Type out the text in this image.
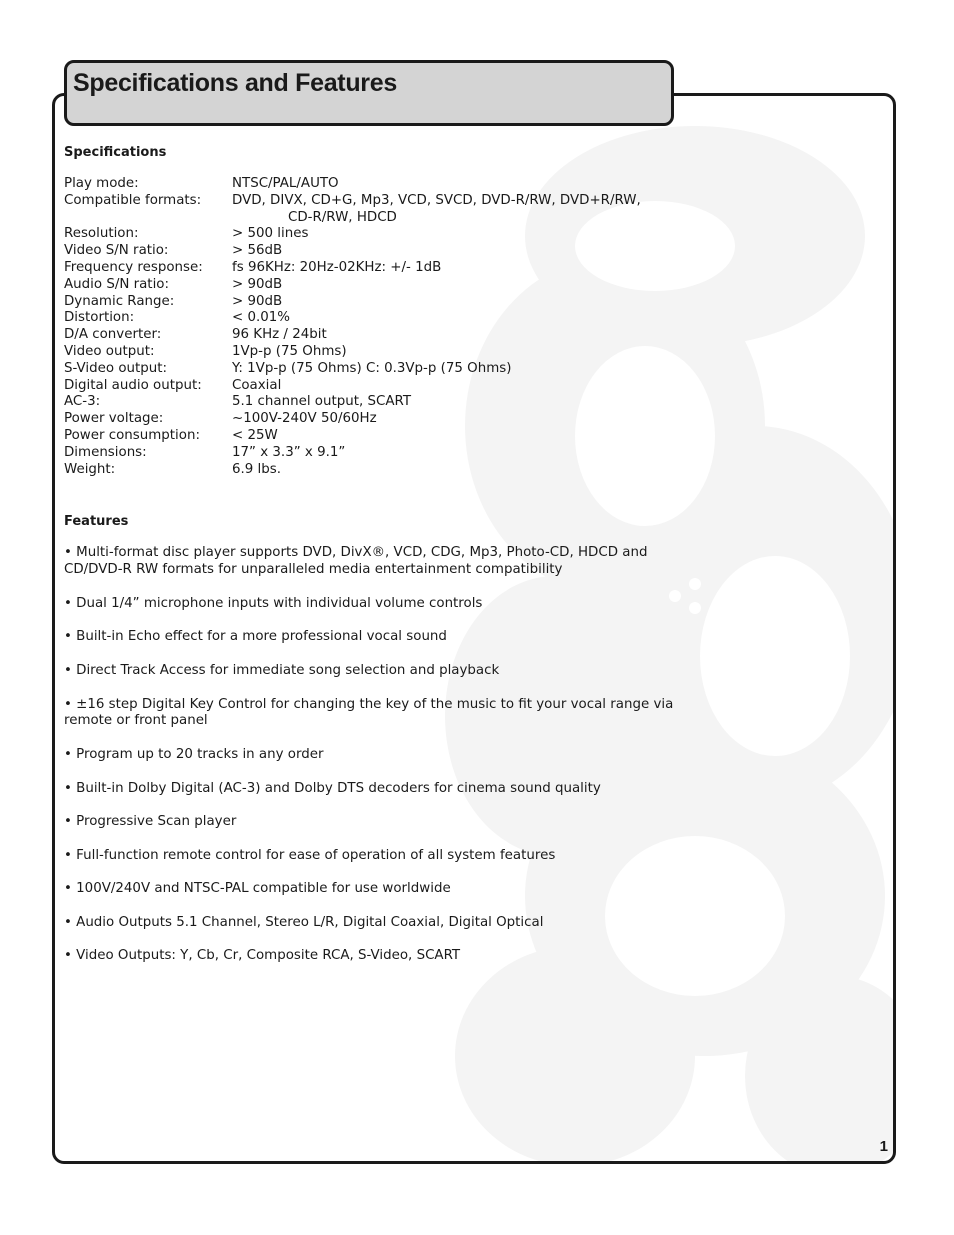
Specifications and Features

Specifications

Play mode:	NTSC/PAL/AUTO
Compatible formats:	DVD, DIVX, CD+G, Mp3, VCD, SVCD, DVD-R/RW, DVD+R/RW,
CD-R/RW, HDCD
Resolution:	> 500 lines
Video S/N ratio:	> 56dB
Frequency response:	fs 96KHz: 20Hz-02KHz: +/- 1dB
Audio S/N ratio:	> 90dB
Dynamic Range:	> 90dB
Distortion:	< 0.01%
D/A converter:	96 KHz / 24bit
Video output:	1Vp-p (75 Ohms)
S-Video output:	Y: 1Vp-p (75 Ohms) C: 0.3Vp-p (75 Ohms)
Digital audio output:	Coaxial
AC-3:	5.1 channel output, SCART
Power voltage:	~100V-240V 50/60Hz
Power consumption:	< 25W
Dimensions:	17” x 3.3” x 9.1”
Weight:	6.9 lbs.

Features

• Multi-format disc player supports DVD, DivX®, VCD, CDG, Mp3, Photo-CD, HDCD and CD/DVD-R RW formats for unparalleled media entertainment compatibility
• Dual 1/4” microphone inputs with individual volume controls
• Built-in Echo effect for a more professional vocal sound
• Direct Track Access for immediate song selection and playback
• ±16 step Digital Key Control for changing the key of the music to fit your vocal range via remote or front panel
• Program up to 20 tracks in any order
• Built-in Dolby Digital (AC-3) and Dolby DTS decoders for cinema sound quality
• Progressive Scan player
• Full-function remote control for ease of operation of all system features
• 100V/240V and NTSC-PAL compatible for use worldwide
• Audio Outputs 5.1 Channel, Stereo L/R, Digital Coaxial, Digital Optical
• Video Outputs: Y, Cb, Cr, Composite RCA, S-Video, SCART
1
